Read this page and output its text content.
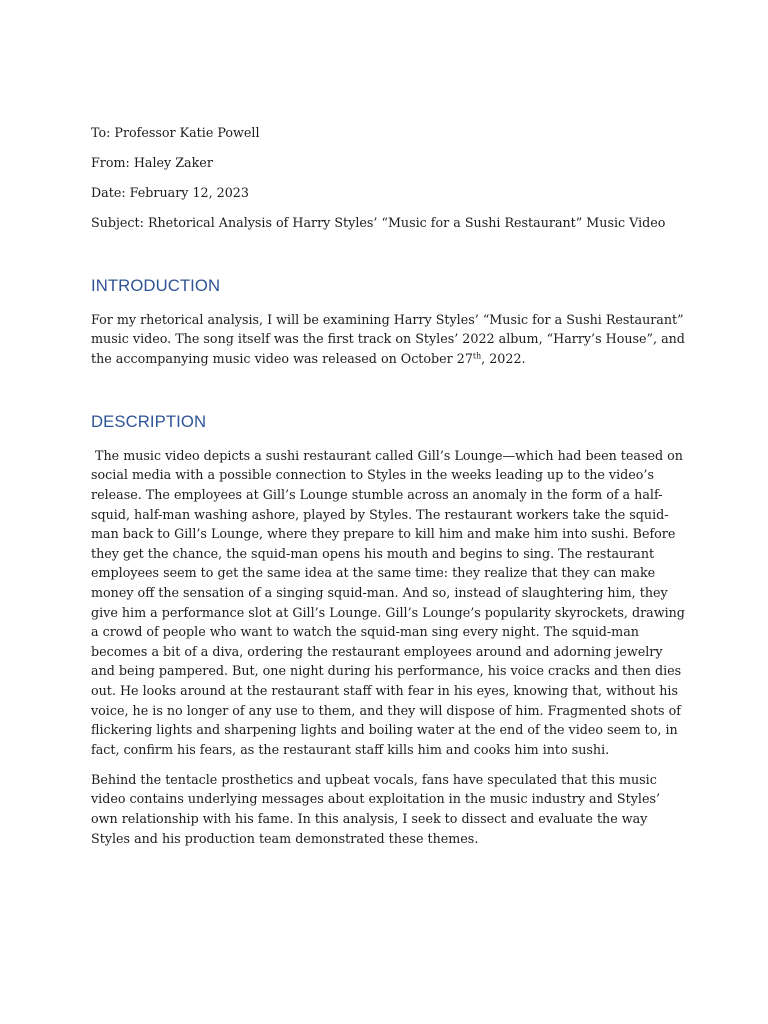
To: Professor Katie Powell

From: Haley Zaker

Date: February 12, 2023

Subject: Rhetorical Analysis of Harry Styles’ “Music for a Sushi Restaurant” Music Video

INTRODUCTION
For my rhetorical analysis, I will be examining Harry Styles’ “Music for a Sushi Restaurant”
music video. The song itself was the first track on Styles’ 2022 album, “Harry’s House”, and
the accompanying music video was released on October 27th, 2022.
DESCRIPTION
The music video depicts a sushi restaurant called Gill’s Lounge—which had been teased on
social media with a possible connection to Styles in the weeks leading up to the video’s
release. The employees at Gill’s Lounge stumble across an anomaly in the form of a half-
squid, half-man washing ashore, played by Styles. The restaurant workers take the squid-
man back to Gill’s Lounge, where they prepare to kill him and make him into sushi. Before
they get the chance, the squid-man opens his mouth and begins to sing. The restaurant
employees seem to get the same idea at the same time: they realize that they can make
money off the sensation of a singing squid-man. And so, instead of slaughtering him, they
give him a performance slot at Gill’s Lounge. Gill’s Lounge’s popularity skyrockets, drawing
a crowd of people who want to watch the squid-man sing every night. The squid-man
becomes a bit of a diva, ordering the restaurant employees around and adorning jewelry
and being pampered. But, one night during his performance, his voice cracks and then dies
out. He looks around at the restaurant staff with fear in his eyes, knowing that, without his
voice, he is no longer of any use to them, and they will dispose of him. Fragmented shots of
flickering lights and sharpening lights and boiling water at the end of the video seem to, in
fact, confirm his fears, as the restaurant staff kills him and cooks him into sushi.
Behind the tentacle prosthetics and upbeat vocals, fans have speculated that this music
video contains underlying messages about exploitation in the music industry and Styles’
own relationship with his fame. In this analysis, I seek to dissect and evaluate the way
Styles and his production team demonstrated these themes.
